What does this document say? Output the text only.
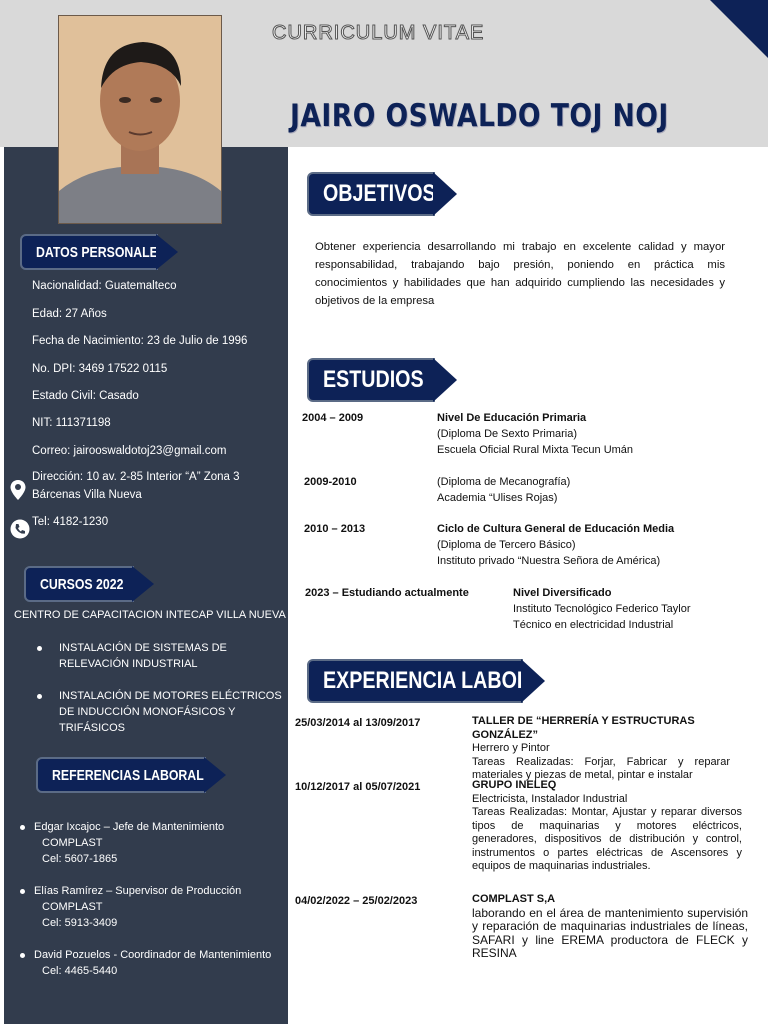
CURRICULUM VITAE
JAIRO OSWALDO TOJ NOJ
DATOS PERSONALES
Nacionalidad: Guatemalteco
Edad: 27 Años
Fecha de Nacimiento: 23 de Julio de 1996
No. DPI: 3469 17522 0115
Estado Civil: Casado
NIT: 111371198
Correo: jairooswaldotoj23@gmail.com
Dirección: 10 av. 2-85 Interior “A” Zona 3
Bárcenas Villa Nueva
Tel: 4182-1230
CURSOS 2022
CENTRO DE CAPACITACION INTECAP VILLA NUEVA
INSTALACIÓN DE SISTEMAS DE
RELEVACIÓN INDUSTRIAL
INSTALACIÓN DE MOTORES ELÉCTRICOS
DE INDUCCIÓN MONOFÁSICOS Y
TRIFÁSICOS
REFERENCIAS LABORALES
Edgar Ixcajoc – Jefe de Mantenimiento
COMPLAST
Cel: 5607-1865
Elías Ramírez – Supervisor de Producción
COMPLAST
Cel: 5913-3409
David Pozuelos - Coordinador de Mantenimiento
Cel: 4465-5440
OBJETIVOS
Obtener experiencia desarrollando mi trabajo en excelente calidad y mayor responsabilidad, trabajando bajo presión, poniendo en práctica mis conocimientos y habilidades que han adquirido cumpliendo las necesidades y objetivos de la empresa
ESTUDIOS
2004 – 2009	Nivel De Educación Primaria
(Diploma De Sexto Primaria)
Escuela Oficial Rural Mixta Tecun Umán
2009-2010	(Diploma de Mecanografía)
Academia “Ulises Rojas)
2010 – 2013	Ciclo de Cultura General de Educación Media
(Diploma de Tercero Básico)
Instituto privado “Nuestra Señora de América)
2023 – Estudiando actualmente	Nivel Diversificado
Instituto Tecnológico Federico Taylor
Técnico en electricidad Industrial
EXPERIENCIA LABORAL
25/03/2014 al 13/09/2017	TALLER DE “HERRERÍA Y ESTRUCTURAS GONZÁLEZ”
Herrero y Pintor
Tareas Realizadas: Forjar, Fabricar y reparar materiales y piezas de metal, pintar e instalar
10/12/2017 al 05/07/2021	GRUPO INELEQ
Electricista, Instalador Industrial
Tareas Realizadas: Montar, Ajustar y reparar diversos tipos de maquinarias y motores eléctricos, generadores, dispositivos de distribución y control, instrumentos o partes eléctricas de Ascensores y equipos de maquinarias industriales.
04/02/2022 – 25/02/2023	COMPLAST S,A
laborando en el área de mantenimiento supervisión y reparación de maquinarias industriales de líneas, SAFARI y line EREMA productora de FLECK y RESINA
